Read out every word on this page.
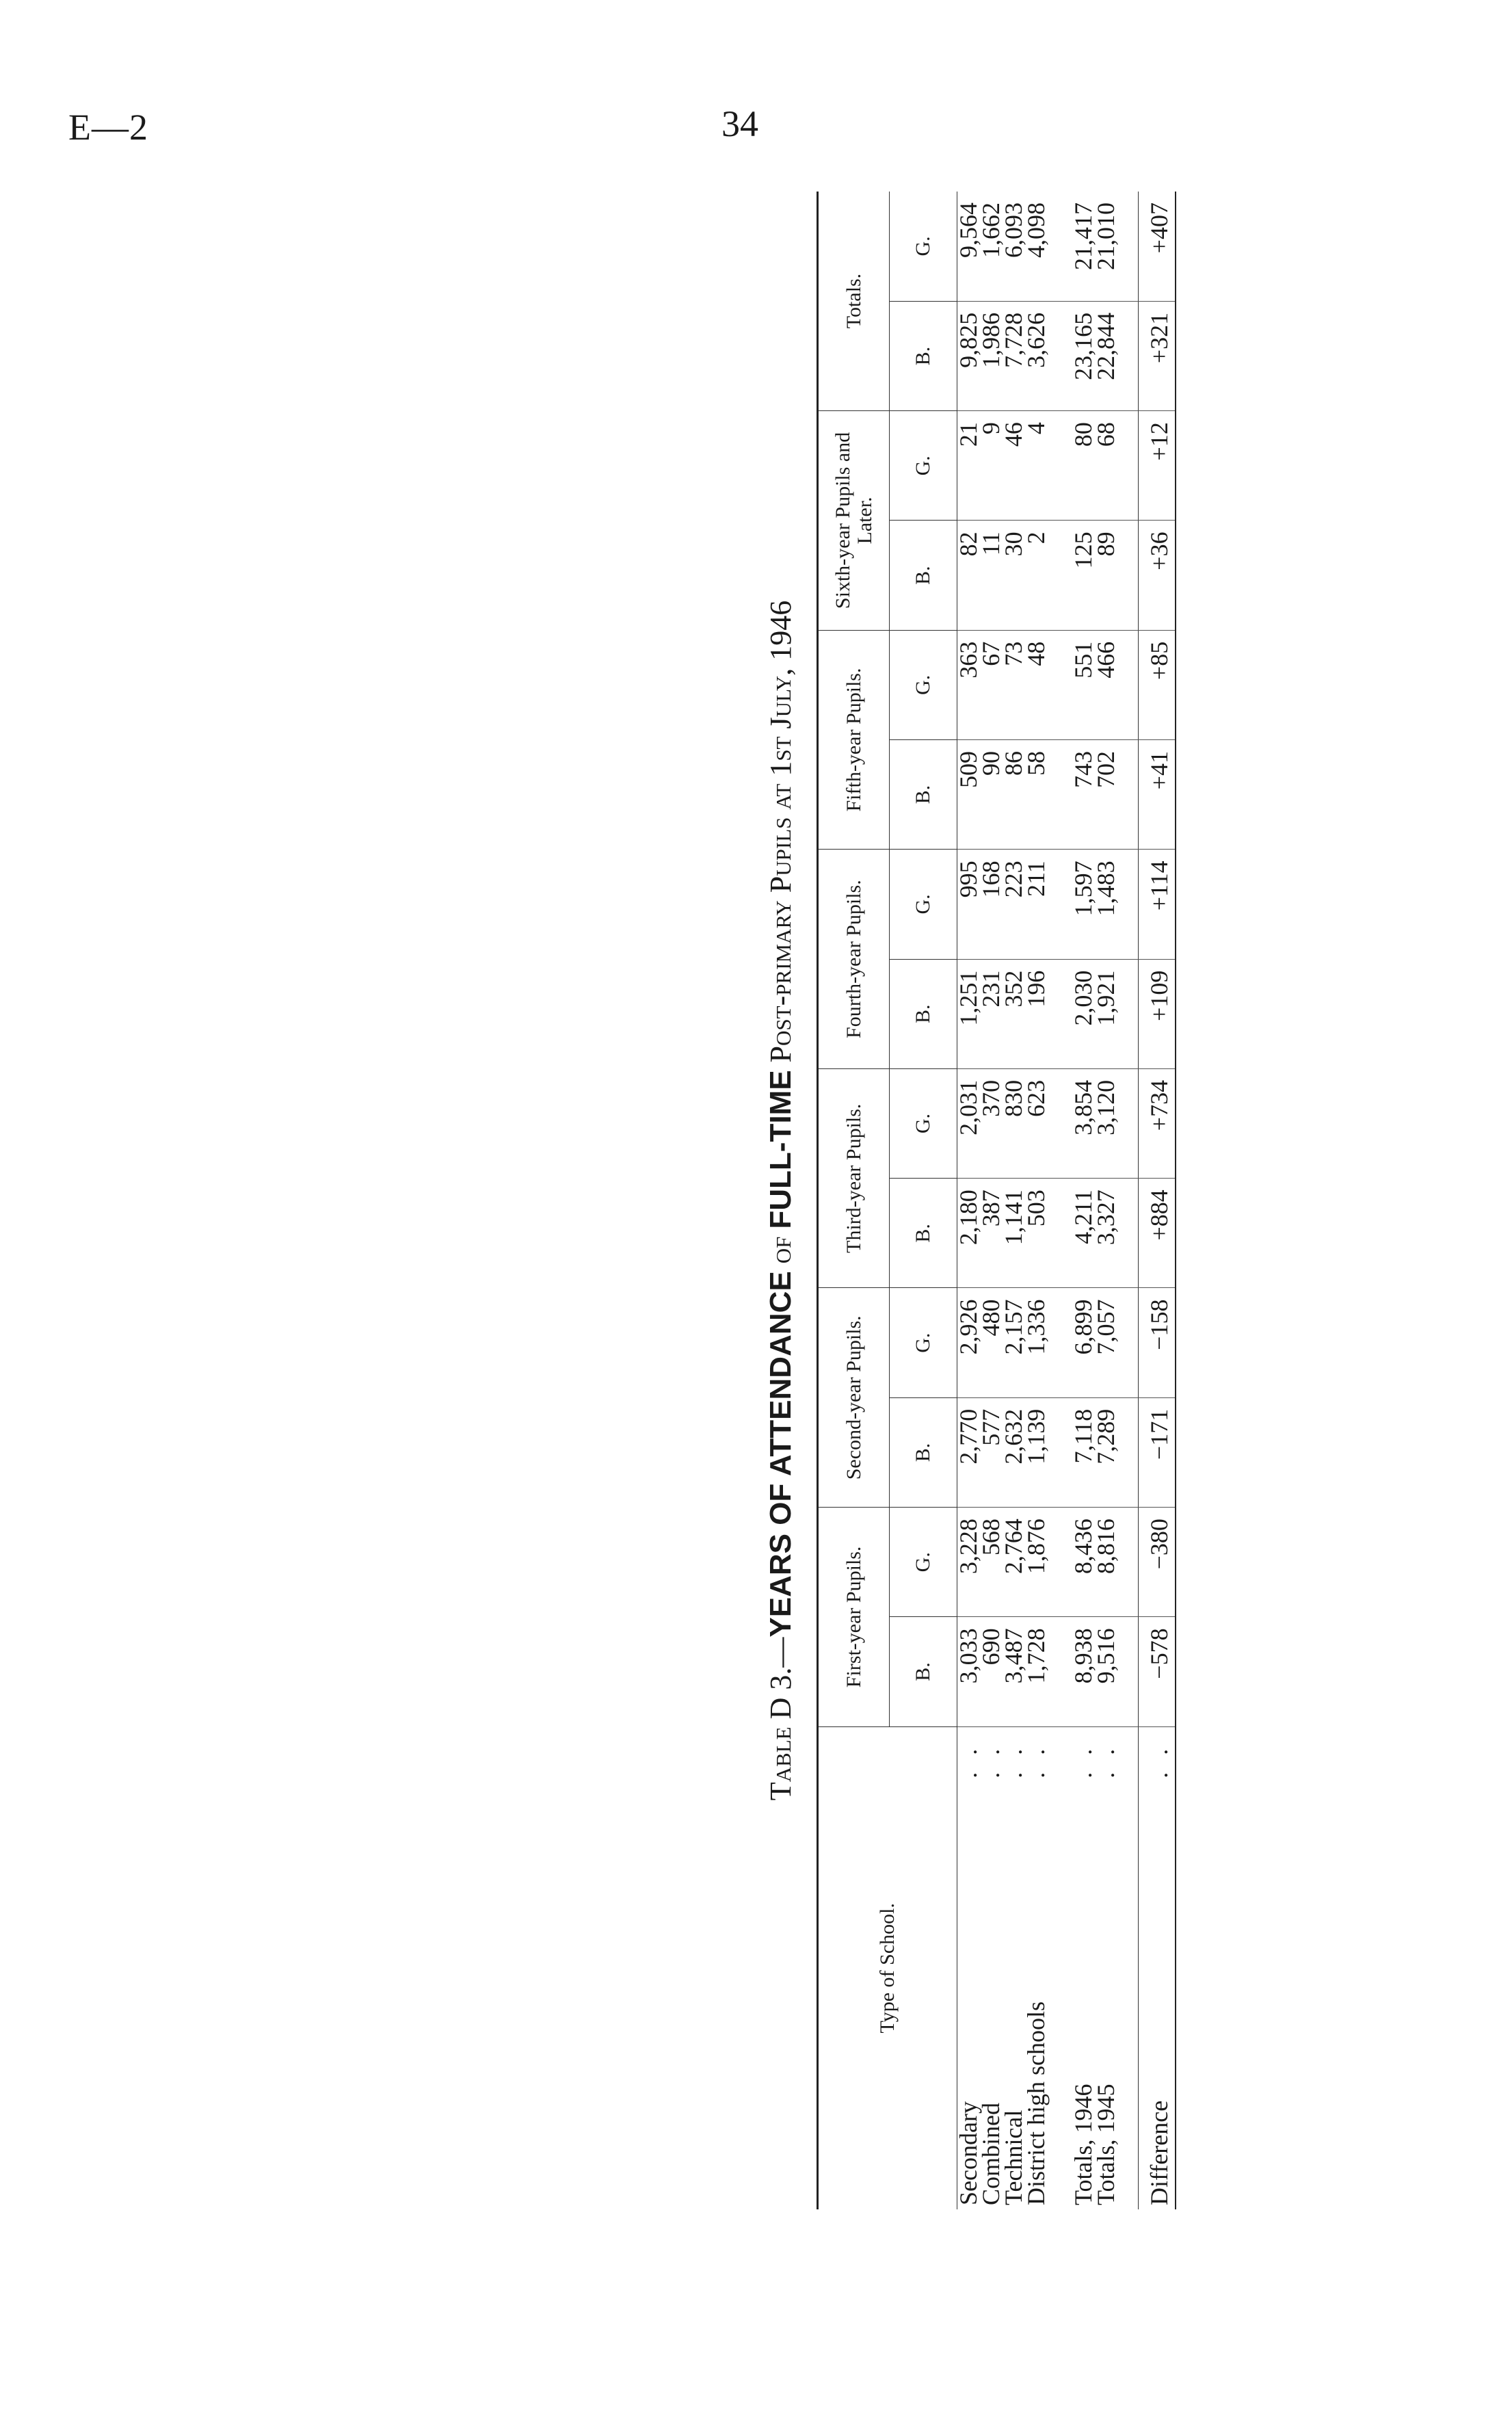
E—2	34
Table D 3.—YEARS OF ATTENDANCE of FULL-TIME Post-primary Pupils at 1st July, 1946
Type of School.	First-year Pupils.		Second-year Pupils.		Third-year Pupils.		Fourth-year Pupils.		Fifth-year Pupils.		Sixth-year Pupils and Later.		Totals.	
	B.	G.	B.	G.	B.	G.	B.	G.	B.	G.	B.	G.	B.	G.

. .
Secondary	3,033	3,228	2,770	2,926	2,180	2,031	1,251	995	509	363	82	21	9,825	9,564

. .
Combined	690	568	577	480	387	370	231	168	90	67	11	9	1,986	1,662

. .
Technical	3,487	2,764	2,632	2,157	1,141	830	352	223	86	73	30	46	7,728	6,093

. .
District high schools	1,728	1,876	1,139	1,336	503	623	196	211	58	48	2	4	3,626	4,098

. .
Totals, 1946	8,938	8,436	7,118	6,899	4,211	3,854	2,030	1,597	743	551	125	80	23,165	21,417

. .
Totals, 1945	9,516	8,816	7,289	7,057	3,327	3,120	1,921	1,483	702	466	89	68	22,844	21,010

. .
Difference	−578	−380	−171	−158	+884	+734	+109	+114	+41	+85	+36	+12	+321	+407
